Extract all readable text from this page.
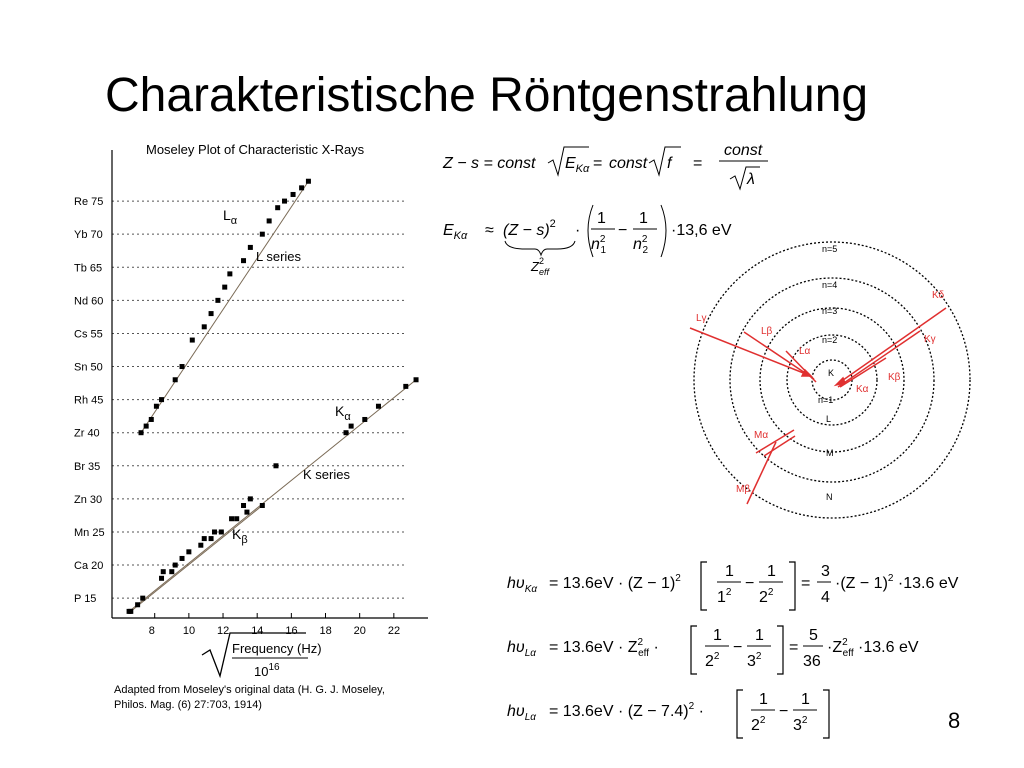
Charakteristische Röntgenstrahlung
Moseley Plot of Characteristic X-Rays
P 15
Ca 20
Mn 25
Zn 30
Br 35
Zr 40
Rh 45
Sn 50
Cs 55
Nd 60
Tb 65
Yb 70
Re 75
8	10 12 14 16 18 20 22
$L_\alpha$
L series
$K_\alpha$
K series
$K_\beta$
Frequency (Hz)
$10^{16}$
Adapted from Moseley's original data (H. G. J. Moseley,
Philos. Mag. (6) 27:703, 1914)
Z − s = const $E_{K\alpha}$ = const f =
const
λ
$E_{K\alpha} \approx (Z - s)^2$ ·
1
$n^2$ 1
−
1
$n^2$ 2
·13,6 eV
$Z^2$ eff
n=5
n=4
n=3
n=2
K
n=1
L
M
N
Lγ
Lβ
Lα
Kδ
Kγ
Kβ
Kα
Mα
Mβ
$h\upsilon_{K\alpha} = 13.6eV \cdot (Z - 1)^2$	1
$1^2$
−
1
$2^2$
=
3
4
$\cdot(Z - 1)^2 \cdot 13.6$ eV
$h\upsilon_{L\alpha} = 13.6eV \cdot Z^2$ eff ·
1
$2^2$
−
1
$3^2$
=
5
36
$\cdot Z^2$ eff ·13.6 eV
$h\upsilon_{L\alpha} = 13.6eV \cdot (Z - 7.4)^2$ ·
1
$2^2$
−
1
$3^2$	8
